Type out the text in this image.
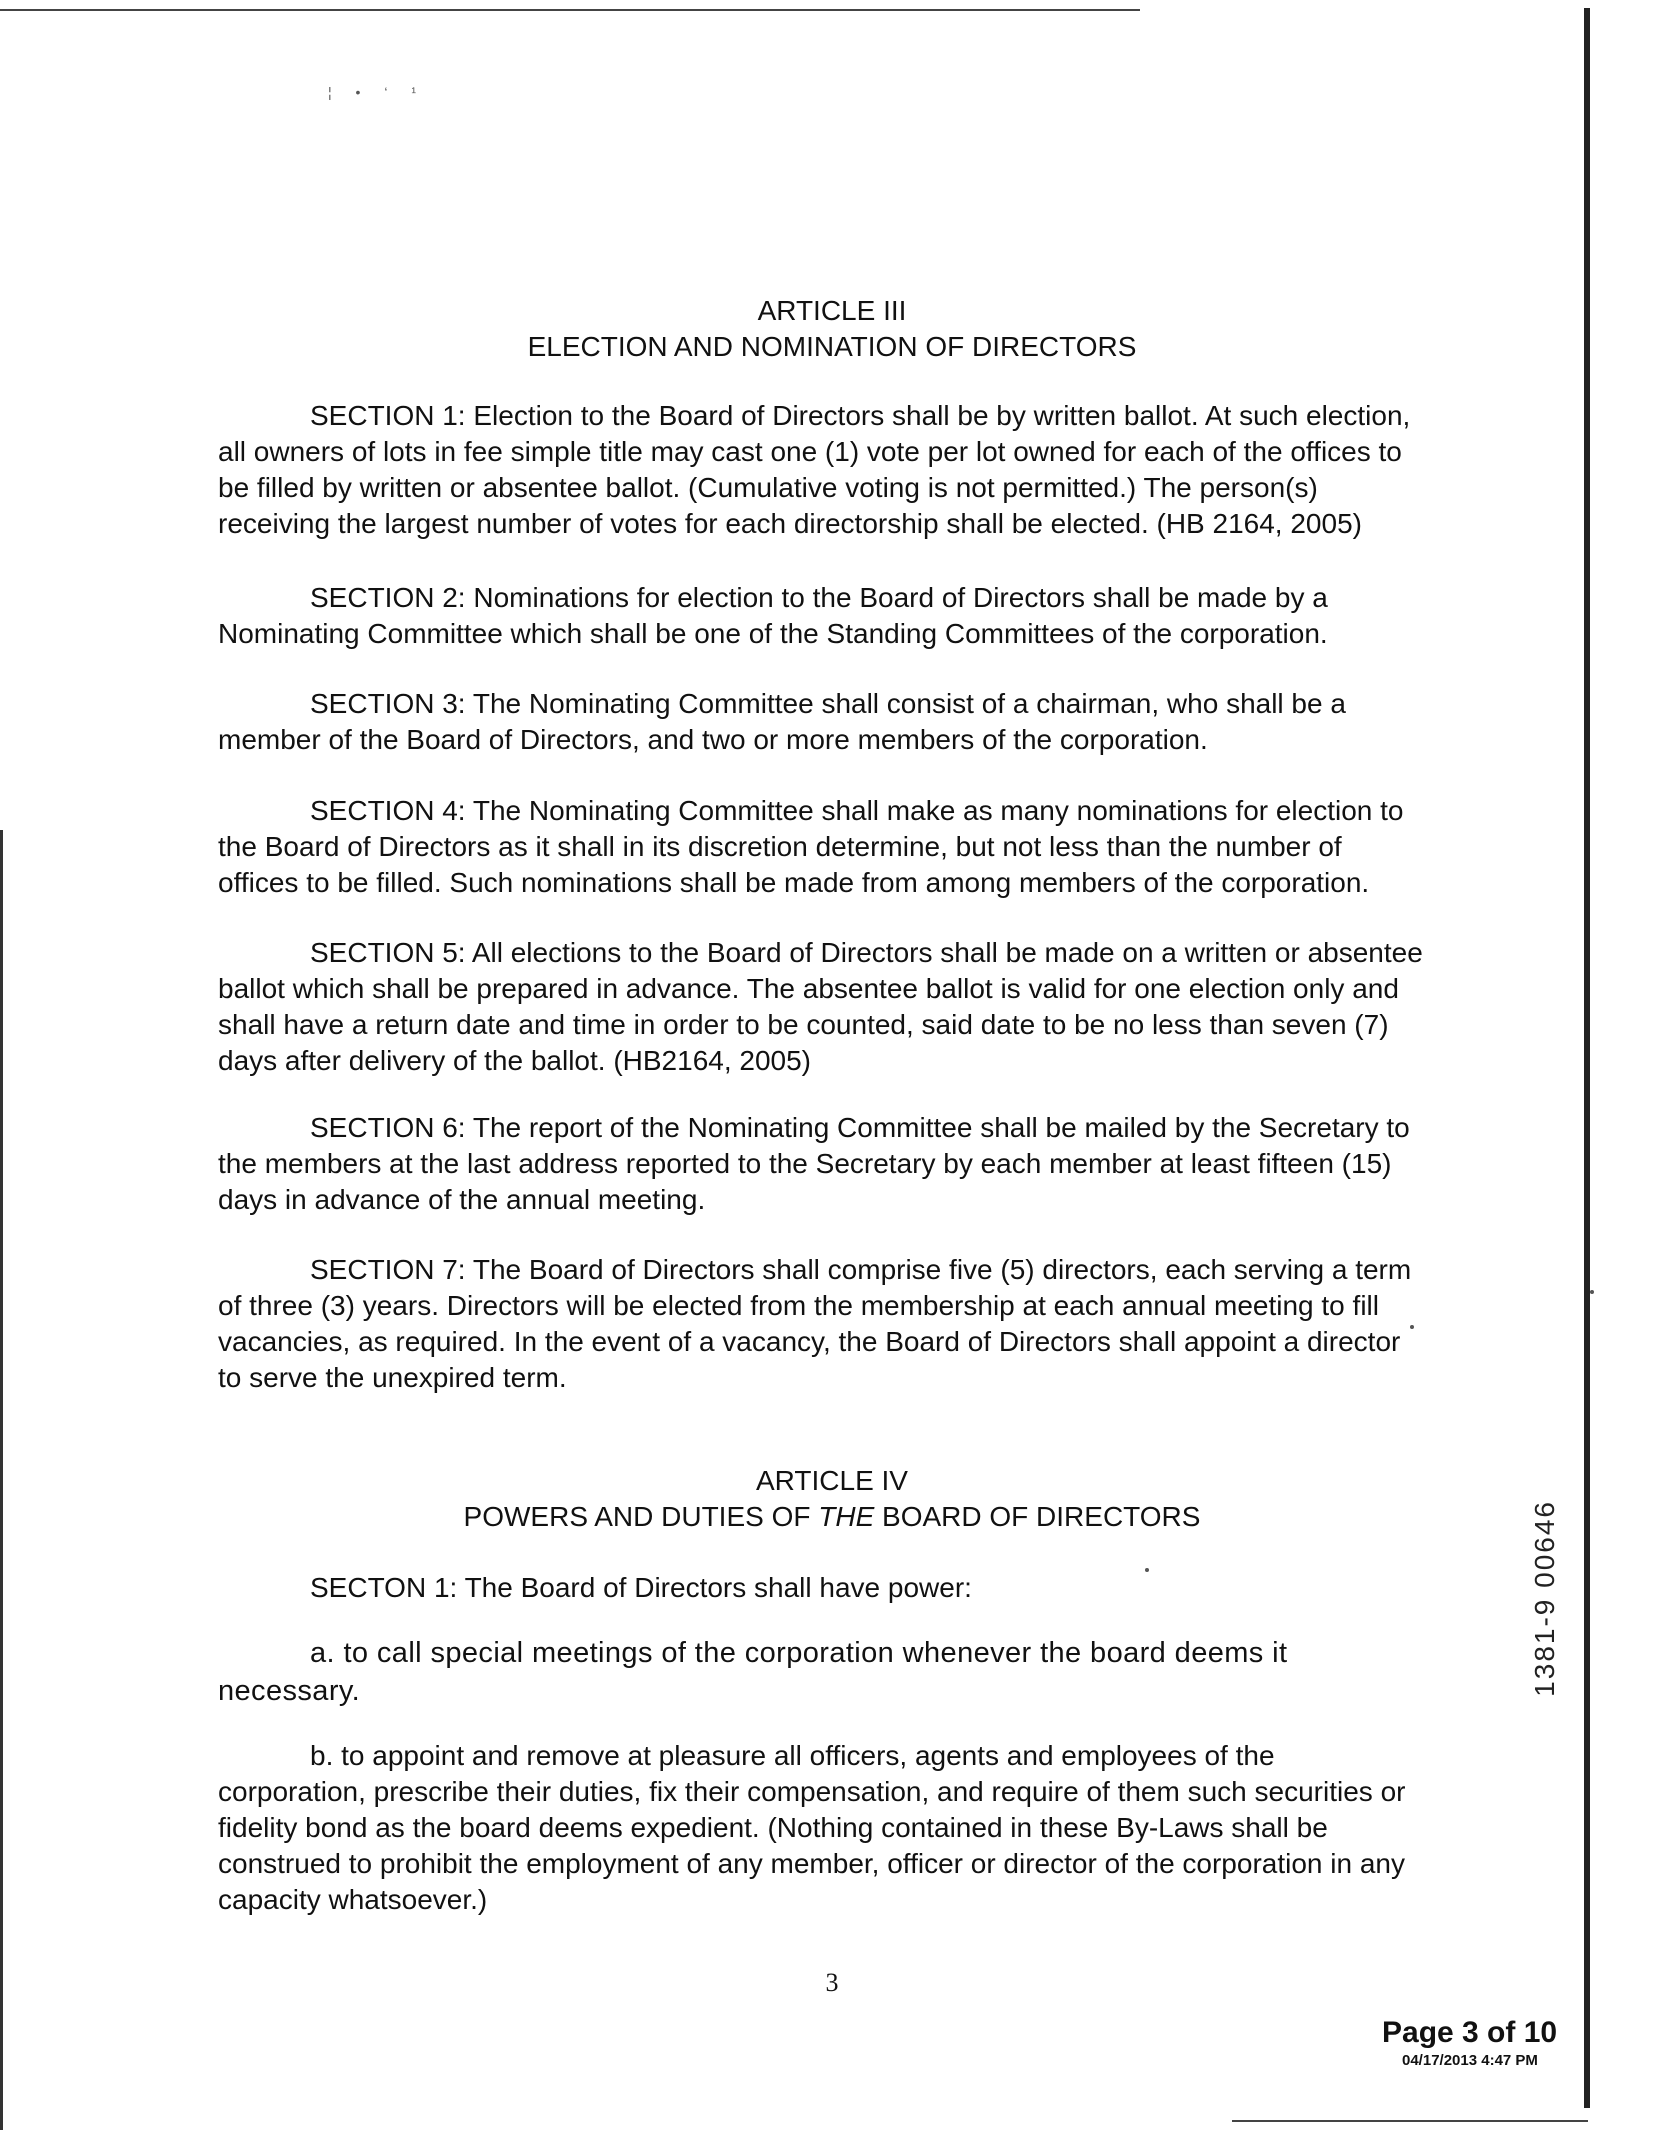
¦ • ‘ ¹
ARTICLE III
ELECTION AND NOMINATION OF DIRECTORS
SECTION 1: Election to the Board of Directors shall be by written ballot. At such election, all owners of lots in fee simple title may cast one (1) vote per lot owned for each of the offices to be filled by written or absentee ballot. (Cumulative voting is not permitted.) The person(s) receiving the largest number of votes for each directorship shall be elected. (HB 2164, 2005)
SECTION 2: Nominations for election to the Board of Directors shall be made by a Nominating Committee which shall be one of the Standing Committees of the corporation.
SECTION 3: The Nominating Committee shall consist of a chairman, who shall be a member of the Board of Directors, and two or more members of the corporation.
SECTION 4: The Nominating Committee shall make as many nominations for election to the Board of Directors as it shall in its discretion determine, but not less than the number of offices to be filled. Such nominations shall be made from among members of the corporation.
SECTION 5: All elections to the Board of Directors shall be made on a written or absentee ballot which shall be prepared in advance. The absentee ballot is valid for one election only and shall have a return date and time in order to be counted, said date to be no less than seven (7) days after delivery of the ballot. (HB2164, 2005)
SECTION 6: The report of the Nominating Committee shall be mailed by the Secretary to the members at the last address reported to the Secretary by each member at least fifteen (15) days in advance of the annual meeting.
SECTION 7: The Board of Directors shall comprise five (5) directors, each serving a term of three (3) years. Directors will be elected from the membership at each annual meeting to fill vacancies, as required. In the event of a vacancy, the Board of Directors shall appoint a director to serve the unexpired term.
ARTICLE IV
POWERS AND DUTIES OF THE BOARD OF DIRECTORS
SECTON 1: The Board of Directors shall have power:
a. to call special meetings of the corporation whenever the board deems it necessary.
b. to appoint and remove at pleasure all officers, agents and employees of the corporation, prescribe their duties, fix their compensation, and require of them such securities or fidelity bond as the board deems expedient. (Nothing contained in these By-Laws shall be construed to prohibit the employment of any member, officer or director of the corporation in any capacity whatsoever.)
1381-9 00646
3
Page 3 of 10
04/17/2013 4:47 PM
